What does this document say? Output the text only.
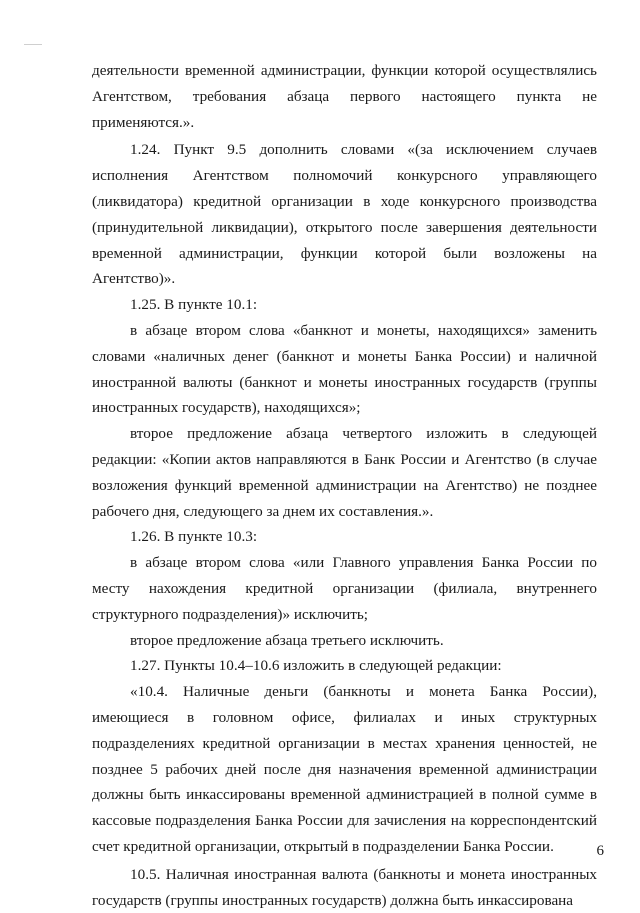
деятельности временной администрации, функции которой осуществлялись Агентством, требования абзаца первого настоящего пункта не применяются.».

1.24. Пункт 9.5 дополнить словами «(за исключением случаев исполнения Агентством полномочий конкурсного управляющего (ликвидатора) кредитной организации в ходе конкурсного производства (принудительной ликвидации), открытого после завершения деятельности временной администрации, функции которой были возложены на Агентство)».

1.25. В пункте 10.1:

в абзаце втором слова «банкнот и монеты, находящихся» заменить словами «наличных денег (банкнот и монеты Банка России) и наличной иностранной валюты (банкнот и монеты иностранных государств (группы иностранных государств), находящихся»;

второе предложение абзаца четвертого изложить в следующей редакции: «Копии актов направляются в Банк России и Агентство (в случае возложения функций временной администрации на Агентство) не позднее рабочего дня, следующего за днем их составления.».

1.26. В пункте 10.3:

в абзаце втором слова «или Главного управления Банка России по месту нахождения кредитной организации (филиала, внутреннего структурного подразделения)» исключить;

второе предложение абзаца третьего исключить.

1.27. Пункты 10.4–10.6 изложить в следующей редакции:

«10.4. Наличные деньги (банкноты и монета Банка России), имеющиеся в головном офисе, филиалах и иных структурных подразделениях кредитной организации в местах хранения ценностей, не позднее 5 рабочих дней после дня назначения временной администрации должны быть инкассированы временной администрацией в полной сумме в кассовые подразделения Банка России для зачисления на корреспондентский счет кредитной организации, открытый в подразделении Банка России.

10.5. Наличная иностранная валюта (банкноты и монета иностранных государств (группы иностранных государств) должна быть инкассирована

6
